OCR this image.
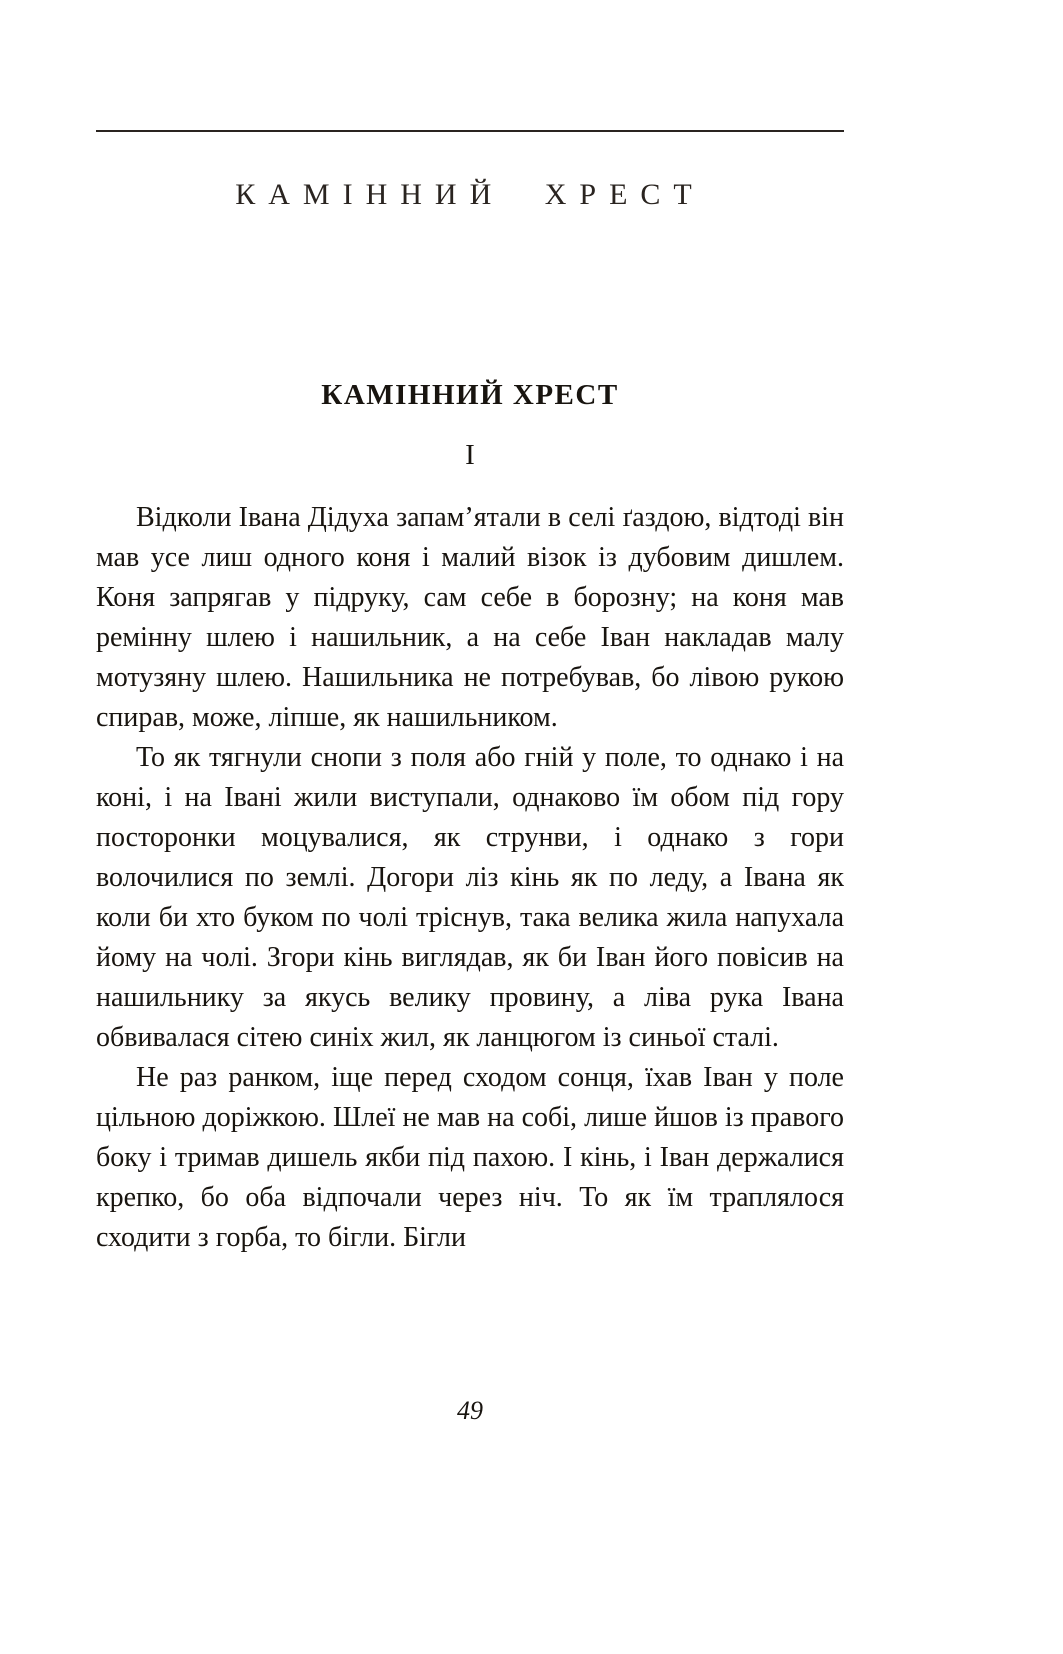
КАМІННИЙ ХРЕСТ
КАМІННИЙ ХРЕСТ
I

Відколи Івана Дідуха запам’ятали в селі ґаздою, відтоді він мав усе лиш одного коня і малий візок із дубовим дишлем. Коня запрягав у підруку, сам себе в борозну; на коня мав ремінну шлею і нашильник, а на себе Іван накладав малу мотузяну шлею. Нашильника не потребував, бо лівою рукою спирав, може, ліпше, як нашильником.

То як тягнули снопи з поля або гній у поле, то однако і на коні, і на Івані жили виступали, однаково їм обом під гору посторонки моцувалися, як струнви, і однако з гори волочилися по землі. Догори ліз кінь як по леду, а Івана як коли би хто буком по чолі тріснув, така велика жила напухала йому на чолі. Згори кінь виглядав, як би Іван його повісив на нашильнику за якусь велику провину, а ліва рука Івана обвивалася сітею синіх жил, як ланцюгом із синьої сталі.

Не раз ранком, іще перед сходом сонця, їхав Іван у поле цільною доріжкою. Шлеї не мав на собі, лише йшов із правого боку і тримав дишель якби під пахою. І кінь, і Іван держалися крепко, бо оба відпочали через ніч. То як їм траплялося сходити з горба, то бігли. Бігли

49
